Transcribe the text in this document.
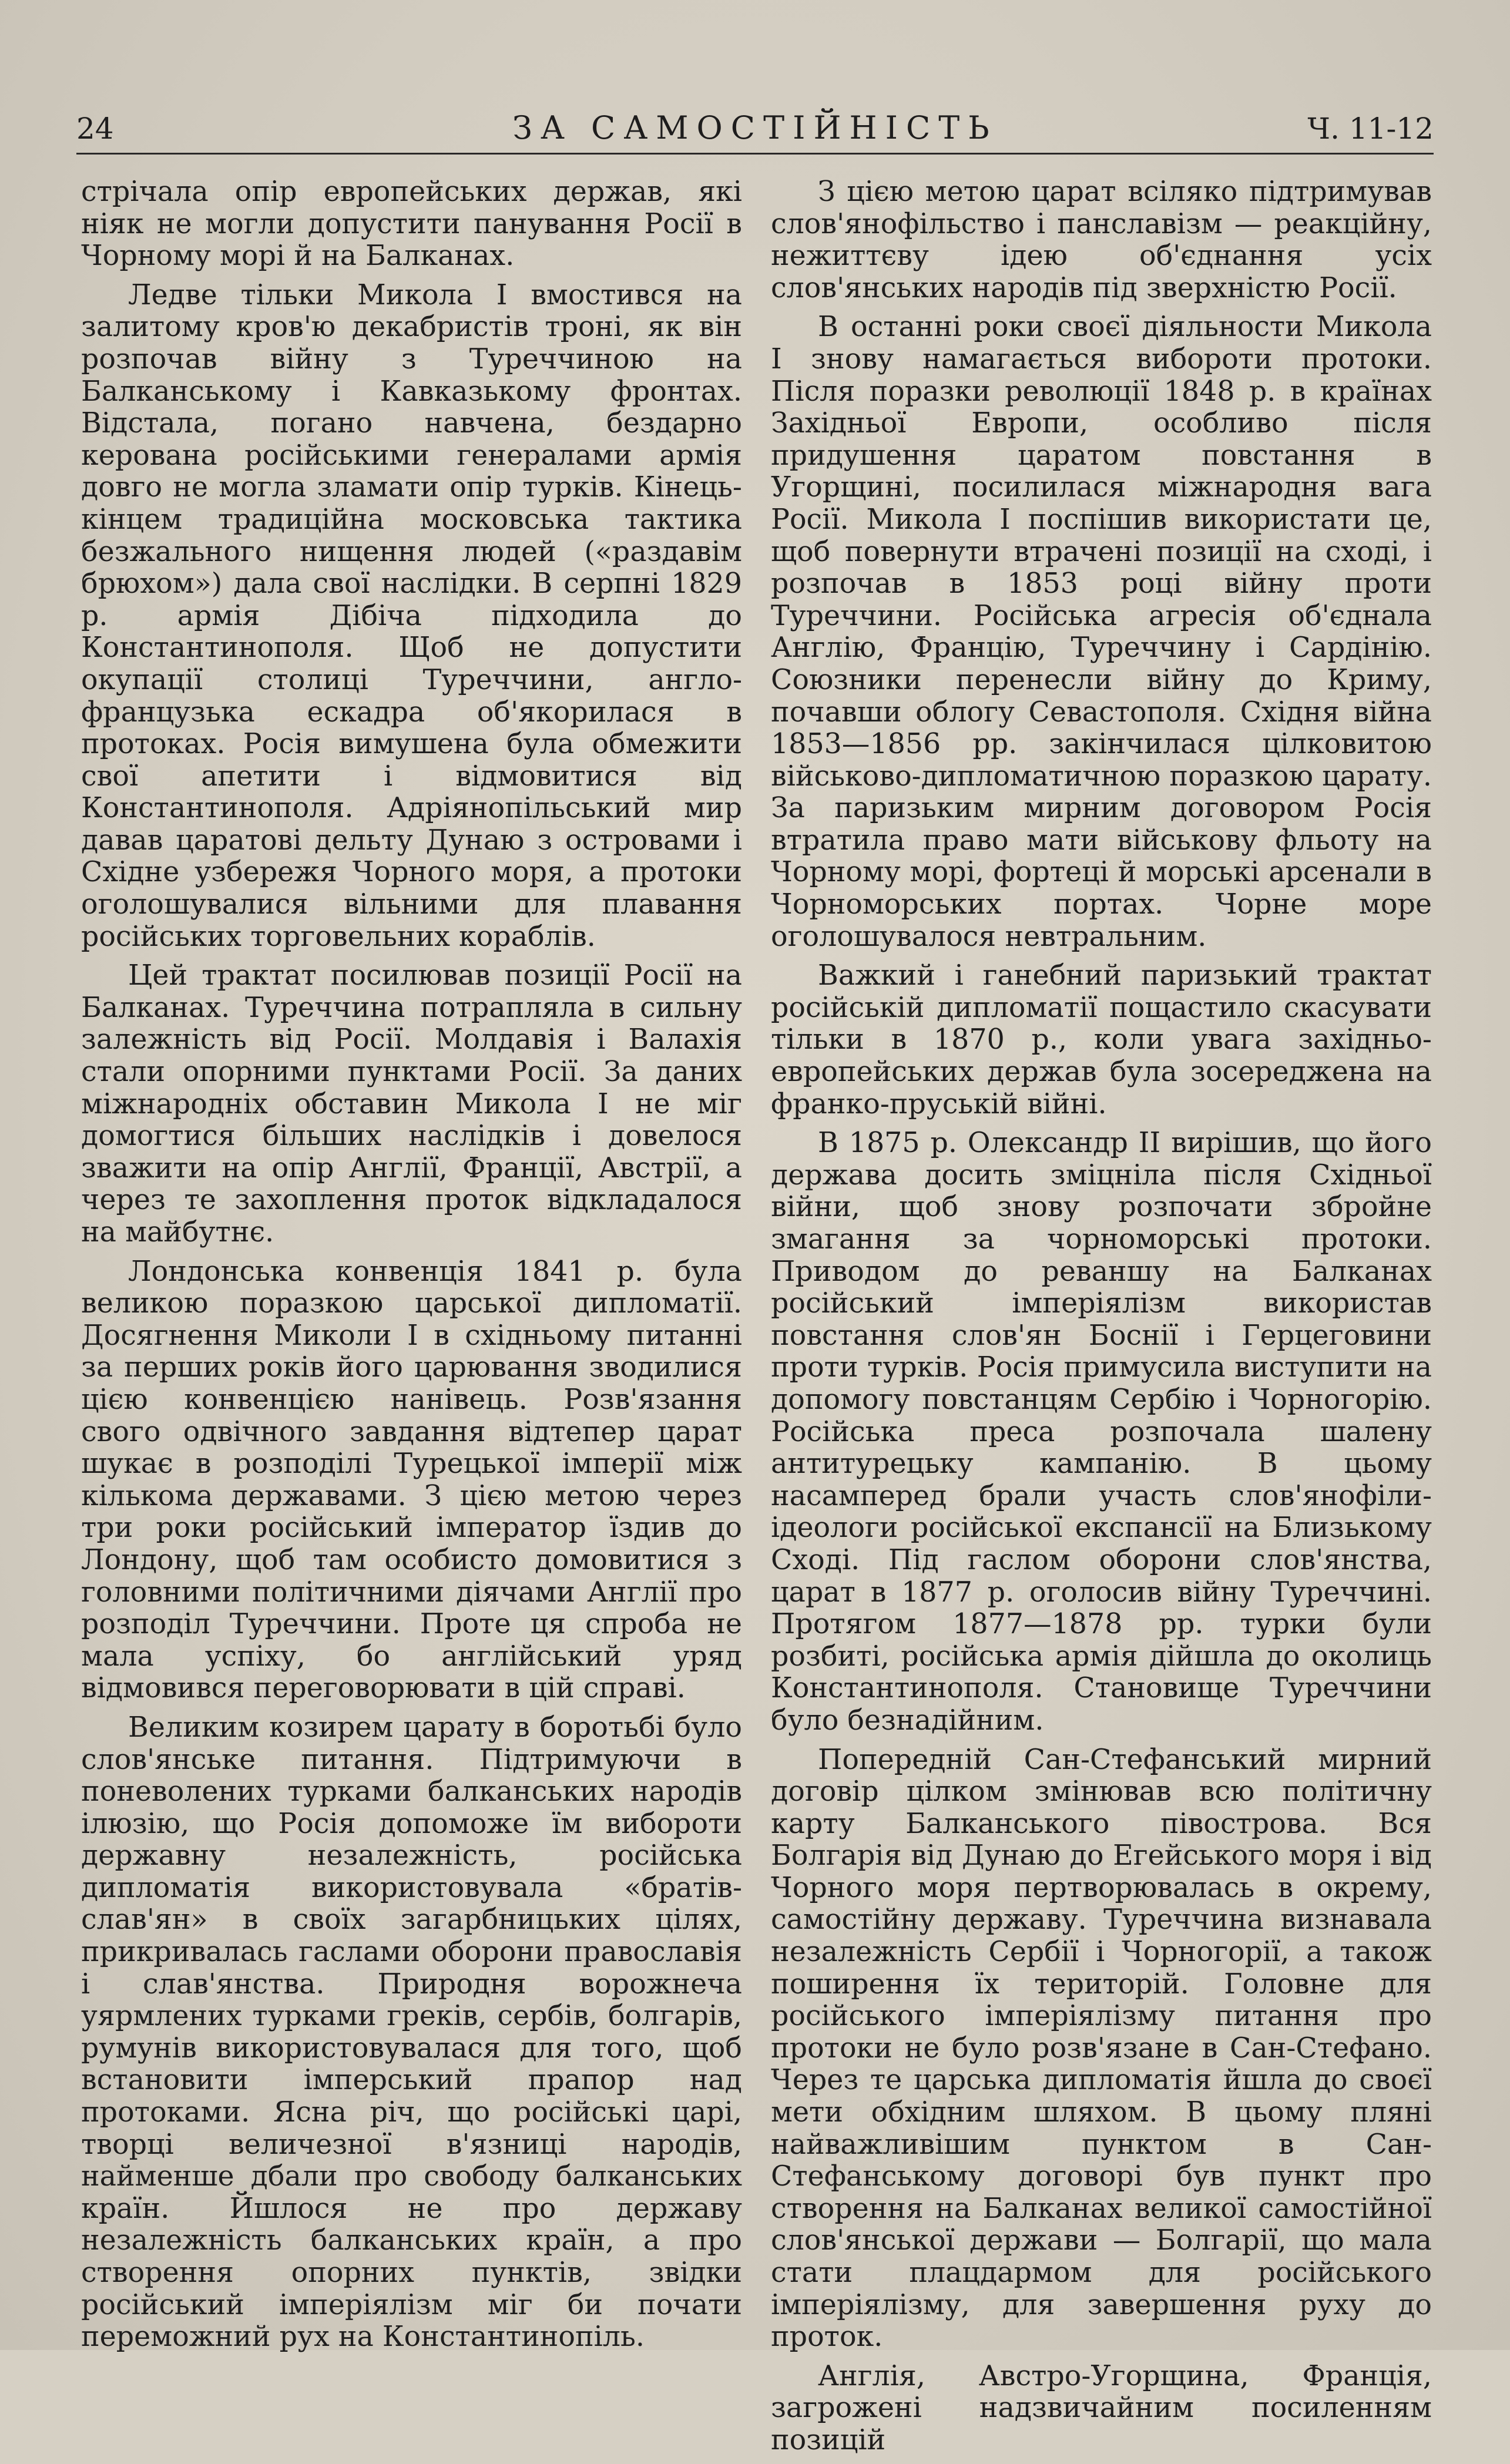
24	ЗА САМОСТІЙНІСТЬ	Ч. 11-12

стрічала опір европейських держав, які ніяк не могли допустити панування Росії в Чорному морі й на Балканах.

Ледве тільки Микола І вмостився на залитому кров'ю декабристів троні, як він розпочав війну з Туреччиною на Балканському і Кавказькому фронтах. Відстала, погано навчена, бездарно керована російськими генералами армія довго не могла зламати опір турків. Кінець-кінцем традиційна московська тактика безжального нищення людей («раздавім брюхом») дала свої наслідки. В серпні 1829 р. армія Дібіча підходила до Константинополя. Щоб не допустити окупації столиці Туреччини, англо-французька ескадра об'якорилася в протоках. Росія вимушена була обмежити свої апетити і відмовитися від Константинополя. Адріянопільський мир давав царатові дельту Дунаю з островами і Східне узбережя Чорного моря, а протоки оголошувалися вільними для плавання російських торговельних кораблів.

Цей трактат посилював позиції Росії на Балканах. Туреччина потрапляла в сильну залежність від Росії. Молдавія і Валахія стали опорними пунктами Росії. За даних міжнародніх обставин Микола І не міг домогтися більших наслідків і довелося зважити на опір Англії, Франції, Австрії, а через те захоплення проток відкладалося на майбутнє.

Лондонська конвенція 1841 р. була великою поразкою царської дипломатії. Досягнення Миколи І в східньому питанні за перших років його царювання зводилися цією конвенцією нанівець. Розв'язання свого одвічного завдання відтепер царат шукає в розподілі Турецької імперії між кількома державами. З цією метою через три роки російський імператор їздив до Лондону, щоб там особисто домовитися з головними політичними діячами Англії про розподіл Туреччини. Проте ця спроба не мала успіху, бо англійський уряд відмовився переговорювати в цій справі.

Великим козирем царату в боротьбі було слов'янське питання. Підтримуючи в поневолених турками балканських народів ілюзію, що Росія допоможе їм вибороти державну незалежність, російська дипломатія використовувала «братів-слав'ян» в своїх загарбницьких цілях, прикривалась гаслами оборони православія і слав'янства. Природня ворожнеча уярмлених турками греків, сербів, болгарів, румунів використовувалася для того, щоб встановити імперський прапор над протоками. Ясна річ, що російські царі, творці величезної в'язниці народів, найменше дбали про свободу балканських країн. Йшлося не про державу незалежність балканських країн, а про створення опорних пунктів, звідки російський імперіялізм міг би почати переможний рух на Константинопіль.

З цією метою царат всіляко підтримував слов'янофільство і панславізм — реакційну, нежиттєву ідею об'єднання усіх слов'янських народів під зверхністю Росії.

В останні роки своєї діяльности Микола І знову намагається вибороти протоки. Після поразки революції 1848 р. в країнах Західньої Европи, особливо після придушення царатом повстання в Угорщині, посилилася міжнародня вага Росії. Микола І поспішив використати це, щоб повернути втрачені позиції на сході, і розпочав в 1853 році війну проти Туреччини. Російська агресія об'єднала Англію, Францію, Туреччину і Сардінію. Союзники перенесли війну до Криму, почавши облогу Севастополя. Східня війна 1853—1856 рр. закінчилася цілковитою військово-дипломатичною поразкою царату. За паризьким мирним договором Росія втратила право мати військову фльоту на Чорному морі, фортеці й морські арсенали в Чорноморських портах. Чорне море оголошувалося невтральним.

Важкий і ганебний паризький трактат російській дипломатії пощастило скасувати тільки в 1870 р., коли увага західньо-европейських держав була зосереджена на франко-пруській війні.

В 1875 р. Олександр II вирішив, що його держава досить зміцніла після Східньої війни, щоб знову розпочати збройне змагання за чорноморські протоки. Приводом до реваншу на Балканах російський імперіялізм використав повстання слов'ян Боснії і Герцеговини проти турків. Росія примусила виступити на допомогу повстанцям Сербію і Чорногорію. Російська преса розпочала шалену антитурецьку кампанію. В цьому насамперед брали участь слов'янофіли-ідеологи російської експансії на Близькому Сході. Під гаслом оборони слов'янства, царат в 1877 р. оголосив війну Туреччині. Протягом 1877—1878 рр. турки були розбиті, російська армія дійшла до околиць Константинополя. Становище Туреччини було безнадійним.

Попередній Сан-Стефанський мирний договір цілком змінював всю політичну карту Балканського півострова. Вся Болгарія від Дунаю до Егейського моря і від Чорного моря пертворювалась в окрему, самостійну державу. Туреччина визнавала незалежність Сербії і Чорногорії, а також поширення їх територій. Головне для російського імперіялізму питання про протоки не було розв'язане в Сан-Стефано. Через те царська дипломатія йшла до своєї мети обхідним шляхом. В цьому пляні найважливішим пунктом в Сан-Стефанському договорі був пункт про створення на Балканах великої самостійної слов'янської держави — Болгарії, що мала стати плацдармом для російського імперіялізму, для завершення руху до проток.

Англія, Австро-Угорщина, Франція, загрожені надзвичайним посиленням позицій
